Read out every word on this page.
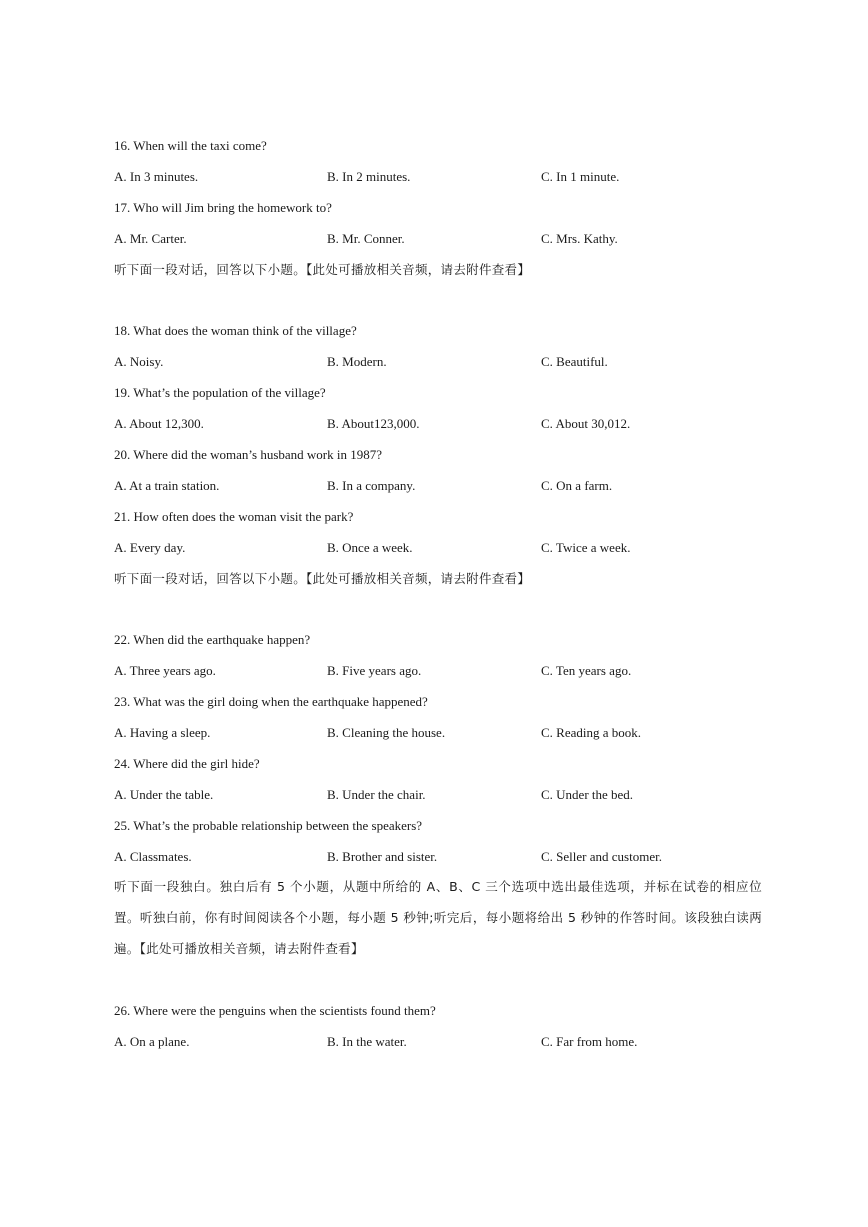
16. When will the taxi come?
A. In 3 minutes.	B. In 2 minutes.	C. In 1 minute.
17. Who will Jim bring the homework to?
A. Mr. Carter.	B. Mr. Conner.	C. Mrs. Kathy.
听下面一段对话，回答以下小题。【此处可播放相关音频，请去附件查看】
18. What does the woman think of the village?
A. Noisy.	B. Modern.	C. Beautiful.
19. What’s the population of the village?
A. About 12,300.	B. About123,000.	C. About 30,012.
20. Where did the woman’s husband work in 1987?
A. At a train station.	B. In a company.	C. On a farm.
21. How often does the woman visit the park?
A. Every day.	B. Once a week.	C. Twice a week.
听下面一段对话，回答以下小题。【此处可播放相关音频，请去附件查看】
22. When did the earthquake happen?
A. Three years ago.	B. Five years ago.	C. Ten years ago.
23. What was the girl doing when the earthquake happened?
A. Having a sleep.	B. Cleaning the house.	C. Reading a book.
24. Where did the girl hide?
A. Under the table.	B. Under the chair.	C. Under the bed.
25. What’s the probable relationship between the speakers?
A. Classmates.	B. Brother and sister.	C. Seller and customer.
听下面一段独白。独白后有 5 个小题，从题中所给的 A、B、C 三个选项中选出最佳选项，并标在试卷的相应位置。听独白前，你有时间阅读各个小题，每小题 5 秒钟;听完后，每小题将给出 5 秒钟的作答时间。该段独白读两遍。【此处可播放相关音频，请去附件查看】
26. Where were the penguins when the scientists found them?
A. On a plane.	B. In the water.	C. Far from home.
